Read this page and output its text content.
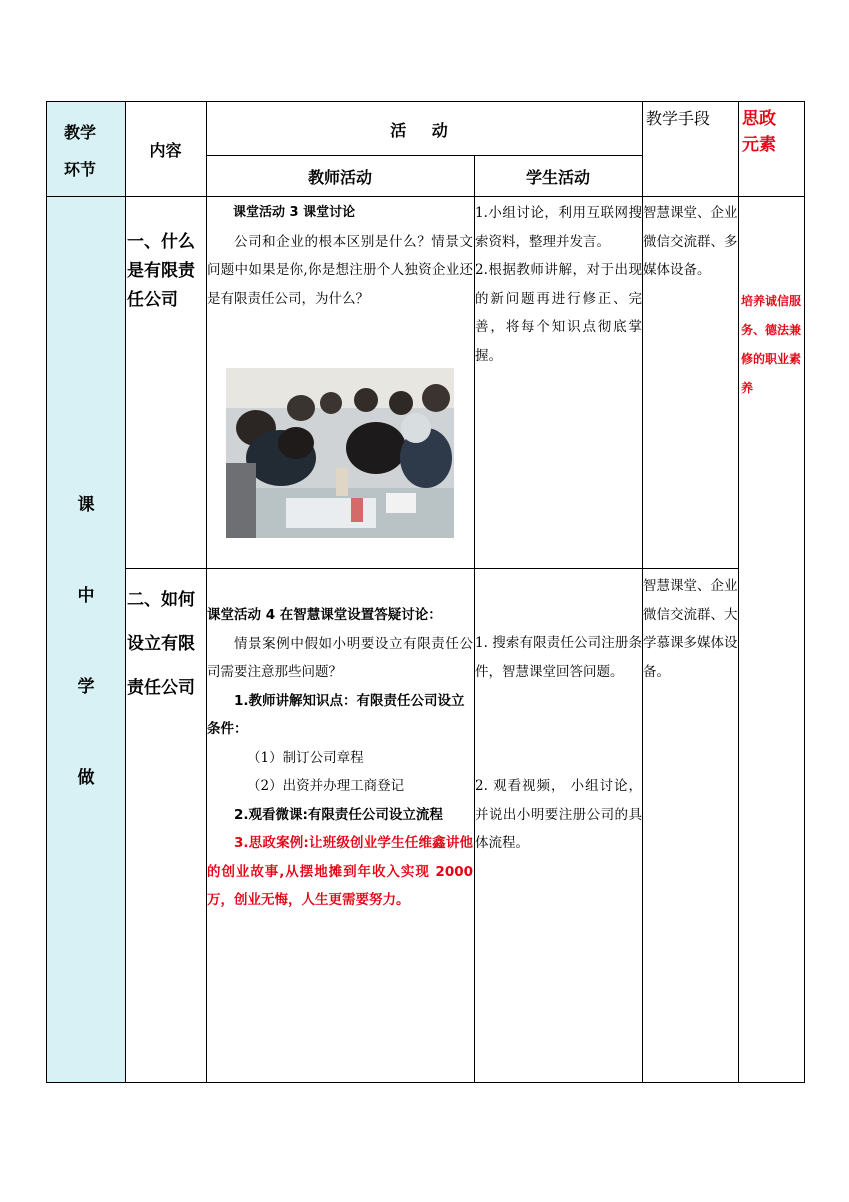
教学环节
内容
活 动
教师活动	学生活动
教学手段	思政元素
课
中
学
做
一、什么是有限责任公司

课堂活动 3 课堂讨论

公司和企业的根本区别是什么？情景文问题中如果是你,你是想注册个人独资企业还是有限责任公司，为什么？

1.小组讨论，利用互联网搜索资料，整理并发言。

2.根据教师讲解，对于出现的新问题再进行修正、完善，将每个知识点彻底掌握。

智慧课堂、企业微信交流群、多媒体设备。
培养诚信服务、德法兼修的职业素养
二、如何设立有限责任公司

课堂活动 4 在智慧课堂设置答疑讨论：

情景案例中假如小明要设立有限责任公司需要注意那些问题？

1.教师讲解知识点：有限责任公司设立条件：

（1）制订公司章程

（2）出资并办理工商登记

2.观看微课:有限责任公司设立流程

3.思政案例:让班级创业学生任维鑫讲他的创业故事,从摆地摊到年收入实现 2000 万，创业无悔，人生更需要努力。

1. 搜索有限责任公司注册条件，智慧课堂回答问题。

2. 观看视频， 小组讨论，并说出小明要注册公司的具体流程。

智慧课堂、企业微信交流群、大学慕课多媒体设备。
